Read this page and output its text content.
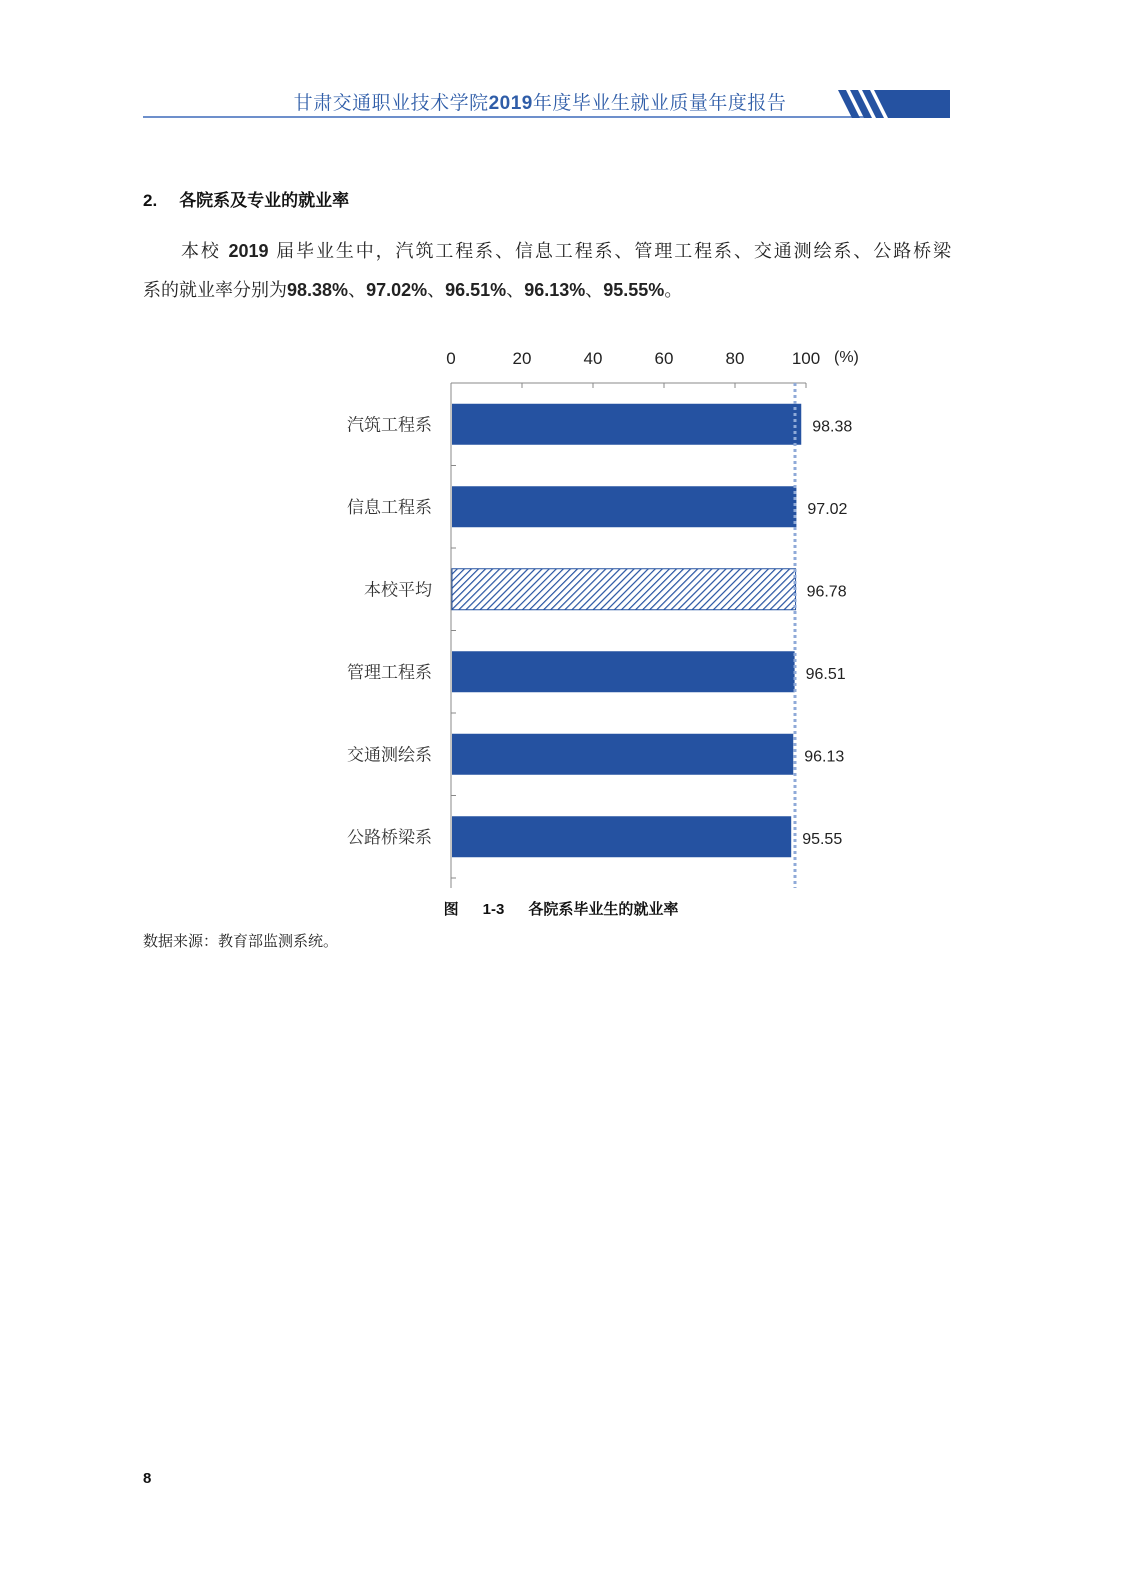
甘肃交通职业技术学院2019年度毕业生就业质量年度报告
2. 各院系及专业的就业率

本校 2019 届毕业生中，汽筑工程系、信息工程系、管理工程系、交通测绘系、公路桥梁

系的就业率分别为98.38%、97.02%、96.51%、96.13%、95.55%。

0	20	40	60	80	100 (%)
汽筑工程系	98.38
信息工程系	97.02
本校平均	96.78
管理工程系	96.51
交通测绘系	96.13
公路桥梁系	95.55
图 1-3 各院系毕业生的就业率
数据来源：教育部监测系统。
8
